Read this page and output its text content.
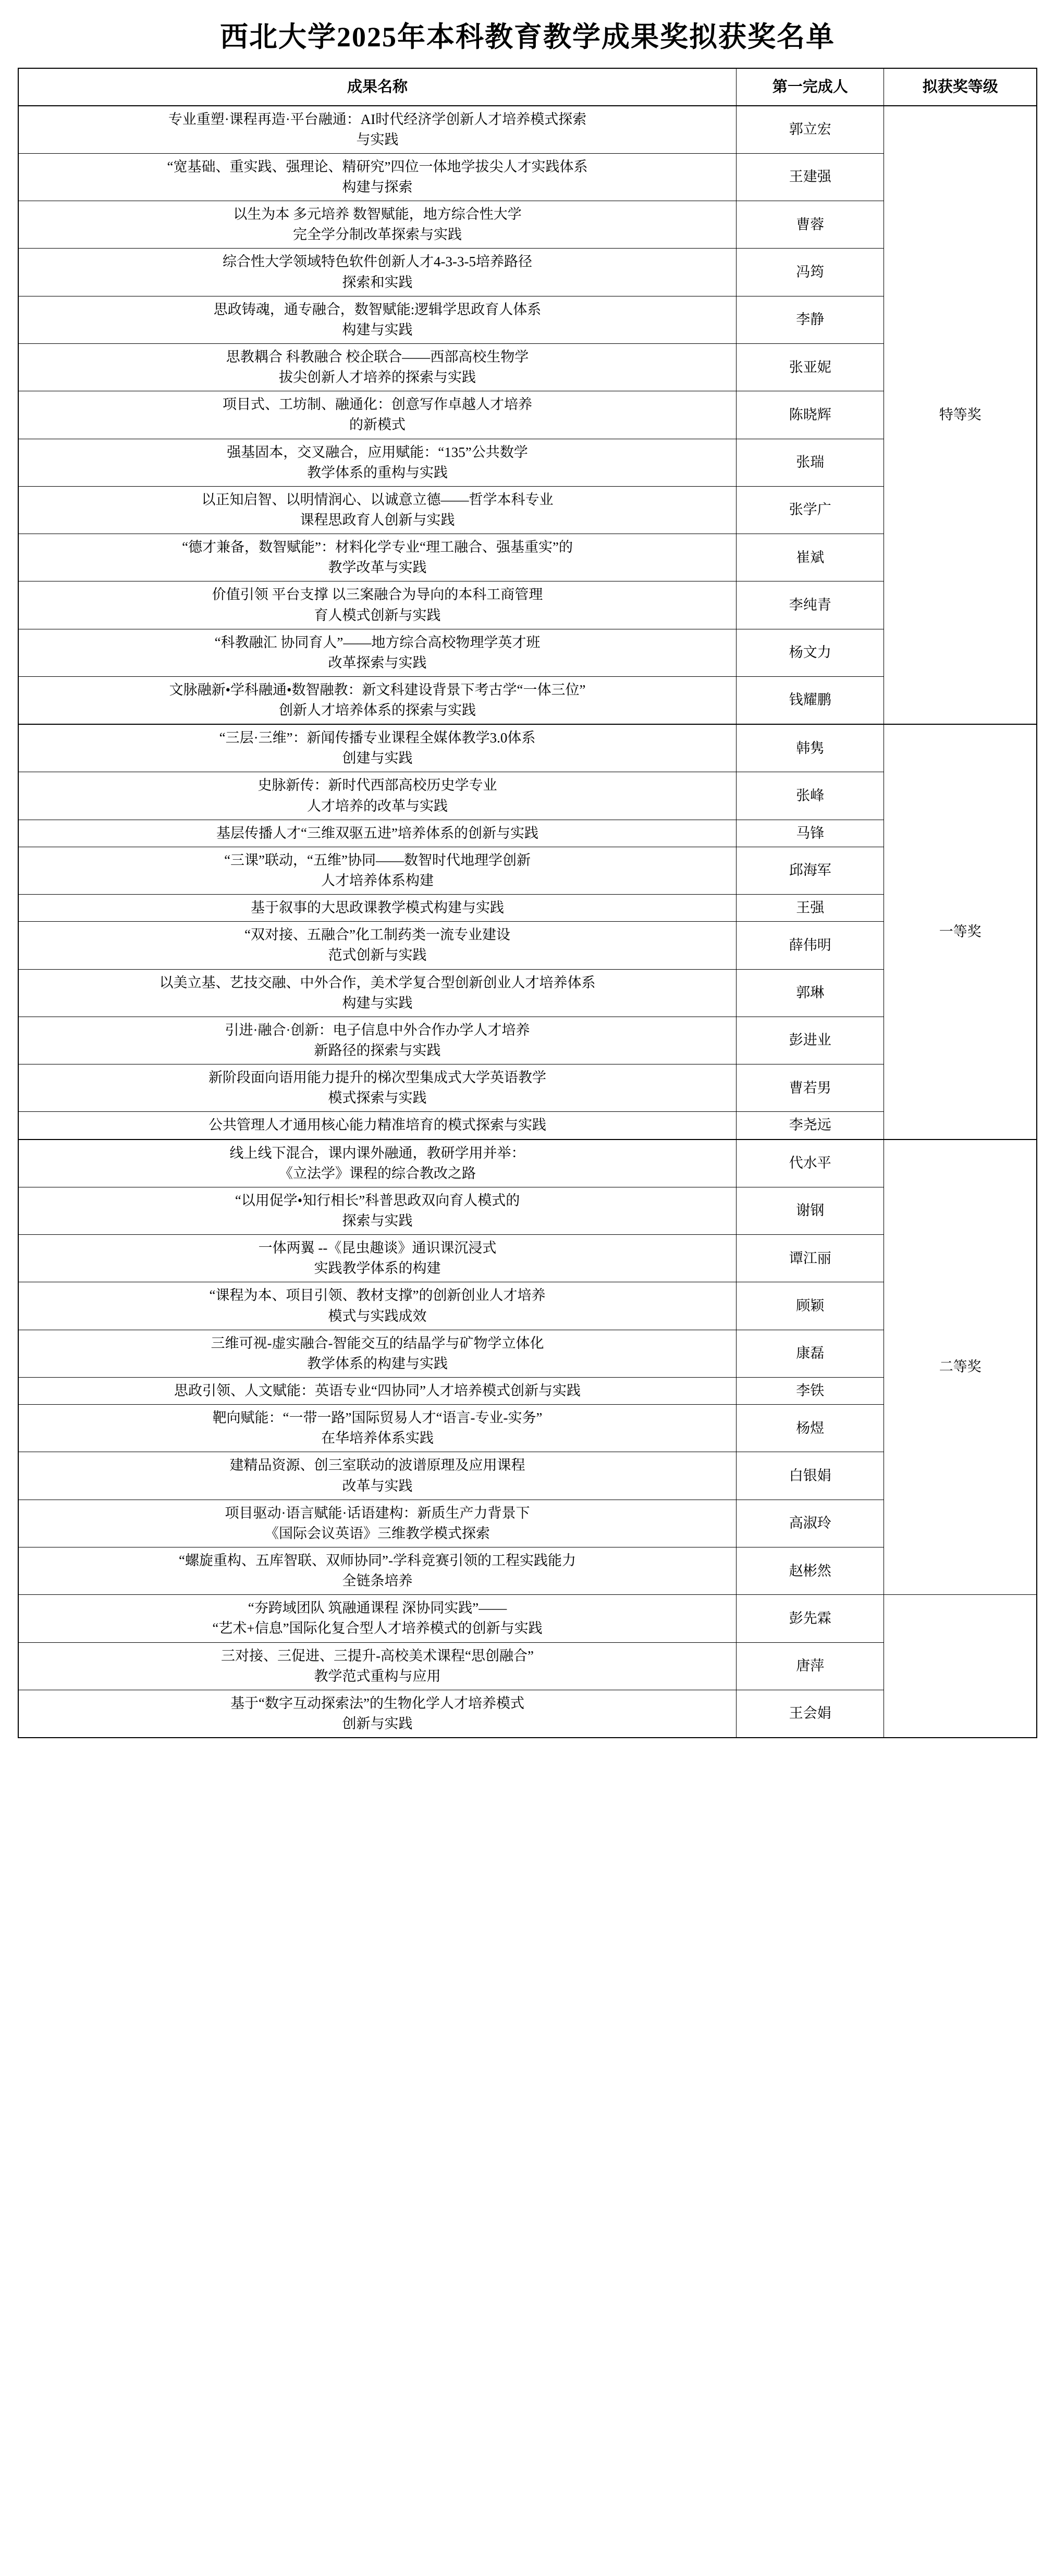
西北大学2025年本科教育教学成果奖拟获奖名单
成果名称	第一完成人	拟获奖等级

专业重塑·课程再造·平台融通：AI时代经济学创新人才培养模式探索
与实践	郭立宏	特等奖

“宽基础、重实践、强理论、精研究”四位一体地学拔尖人才实践体系
构建与探索	王建强	

以生为本 多元培养 数智赋能，地方综合性大学
完全学分制改革探索与实践	曹蓉	

综合性大学领域特色软件创新人才4-3-3-5培养路径
探索和实践	冯筠	

思政铸魂，通专融合，数智赋能:逻辑学思政育人体系
构建与实践	李静	

思教耦合 科教融合 校企联合——西部高校生物学
拔尖创新人才培养的探索与实践	张亚妮	

项目式、工坊制、融通化：创意写作卓越人才培养
的新模式	陈晓辉	

强基固本，交叉融合，应用赋能：“135”公共数学
教学体系的重构与实践	张瑞	

以正知启智、以明情润心、以诚意立德——哲学本科专业
课程思政育人创新与实践	张学广	

“德才兼备，数智赋能”：材料化学专业“理工融合、强基重实”的
教学改革与实践	崔斌	

价值引领 平台支撑 以三案融合为导向的本科工商管理
育人模式创新与实践	李纯青	

“科教融汇 协同育人”——地方综合高校物理学英才班
改革探索与实践	杨文力	

文脉融新•学科融通•数智融教：新文科建设背景下考古学“一体三位”
创新人才培养体系的探索与实践	钱耀鹏	

“三层·三维”：新闻传播专业课程全媒体教学3.0体系
创建与实践	韩隽	一等奖

史脉新传：新时代西部高校历史学专业
人才培养的改革与实践	张峰	

基层传播人才“三维双驱五进”培养体系的创新与实践	马锋	

“三课”联动，“五维”协同——数智时代地理学创新
人才培养体系构建	邱海军	

基于叙事的大思政课教学模式构建与实践	王强	

“双对接、五融合”化工制药类一流专业建设
范式创新与实践	薛伟明	

以美立基、艺技交融、中外合作，美术学复合型创新创业人才培养体系
构建与实践	郭琳	

引进·融合·创新：电子信息中外合作办学人才培养
新路径的探索与实践	彭进业	

新阶段面向语用能力提升的梯次型集成式大学英语教学
模式探索与实践	曹若男	

公共管理人才通用核心能力精准培育的模式探索与实践	李尧远	

线上线下混合，课内课外融通，教研学用并举：
《立法学》课程的综合教改之路	代水平	二等奖

“以用促学•知行相长”科普思政双向育人模式的
探索与实践	谢钢	

一体两翼 --《昆虫趣谈》通识课沉浸式
实践教学体系的构建	谭江丽	

“课程为本、项目引领、教材支撑”的创新创业人才培养
模式与实践成效	顾颖	

三维可视-虚实融合-智能交互的结晶学与矿物学立体化
教学体系的构建与实践	康磊	

思政引领、人文赋能：英语专业“四协同”人才培养模式创新与实践	李铁	

靶向赋能：“一带一路”国际贸易人才“语言-专业-实务”
在华培养体系实践	杨煜	

建精品资源、创三室联动的波谱原理及应用课程
改革与实践	白银娟	

项目驱动·语言赋能·话语建构：新质生产力背景下
《国际会议英语》三维教学模式探索	高淑玲	

“螺旋重构、五库智联、双师协同”-学科竞赛引领的工程实践能力
全链条培养	赵彬然	

“夯跨域团队 筑融通课程 深协同实践”——
“艺术+信息”国际化复合型人才培养模式的创新与实践	彭先霖	

三对接、三促进、三提升-高校美术课程“思创融合”
教学范式重构与应用	唐萍	

基于“数字互动探索法”的生物化学人才培养模式
创新与实践	王会娟	
